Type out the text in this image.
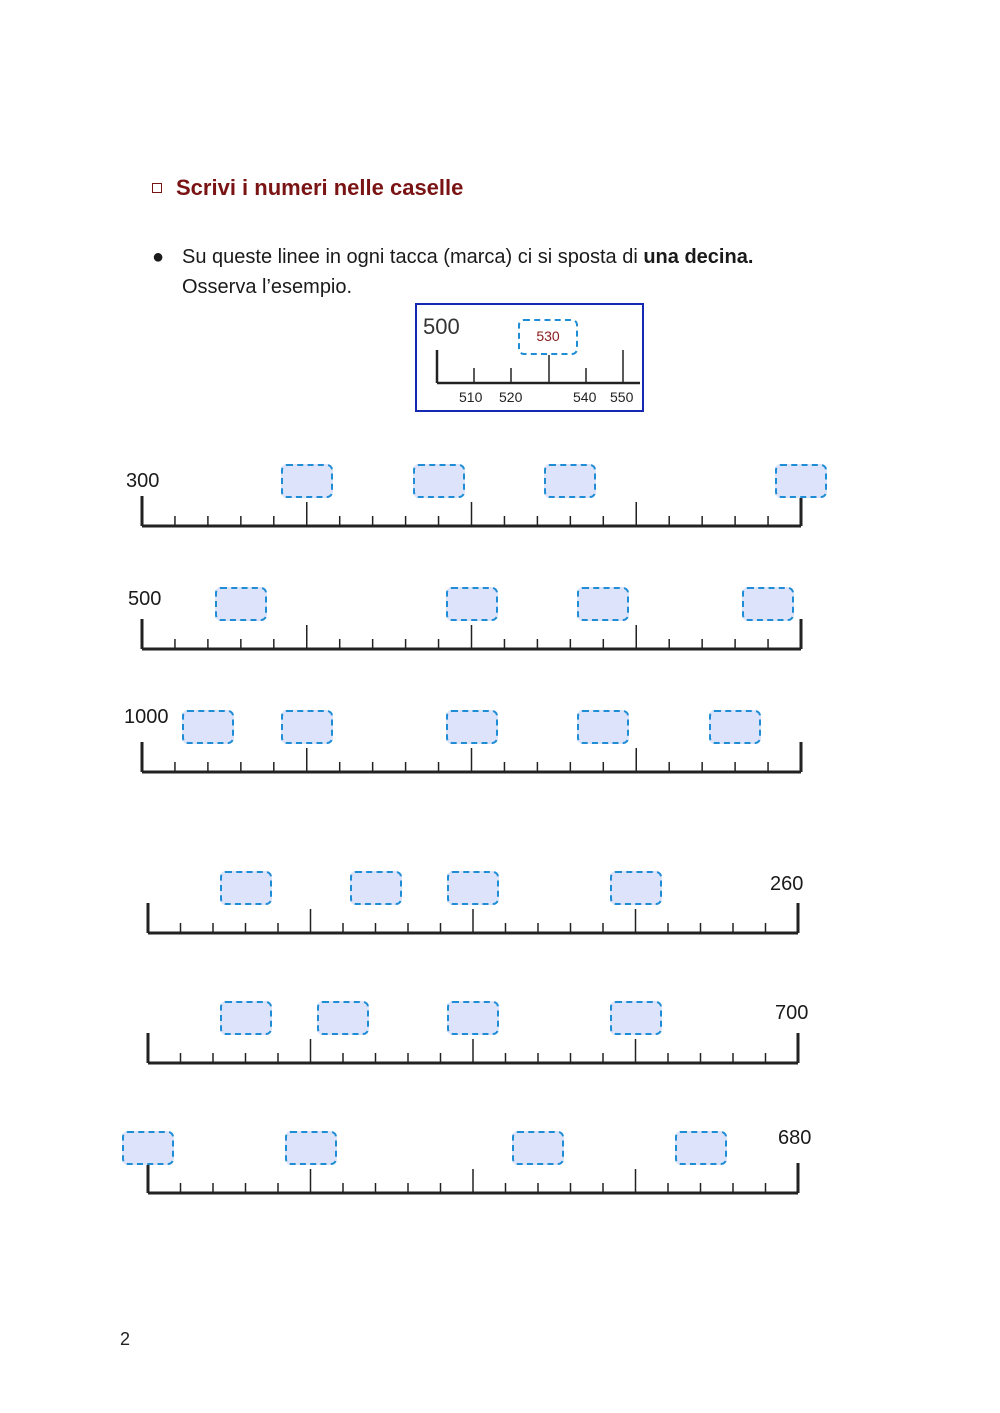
Scrivi i numeri nelle caselle
● Su queste linee in ogni tacca (marca) ci si sposta di una decina.
Osserva l’esempio.
500	530
510 520	540 550
300
500
1000
260
700
680
2
